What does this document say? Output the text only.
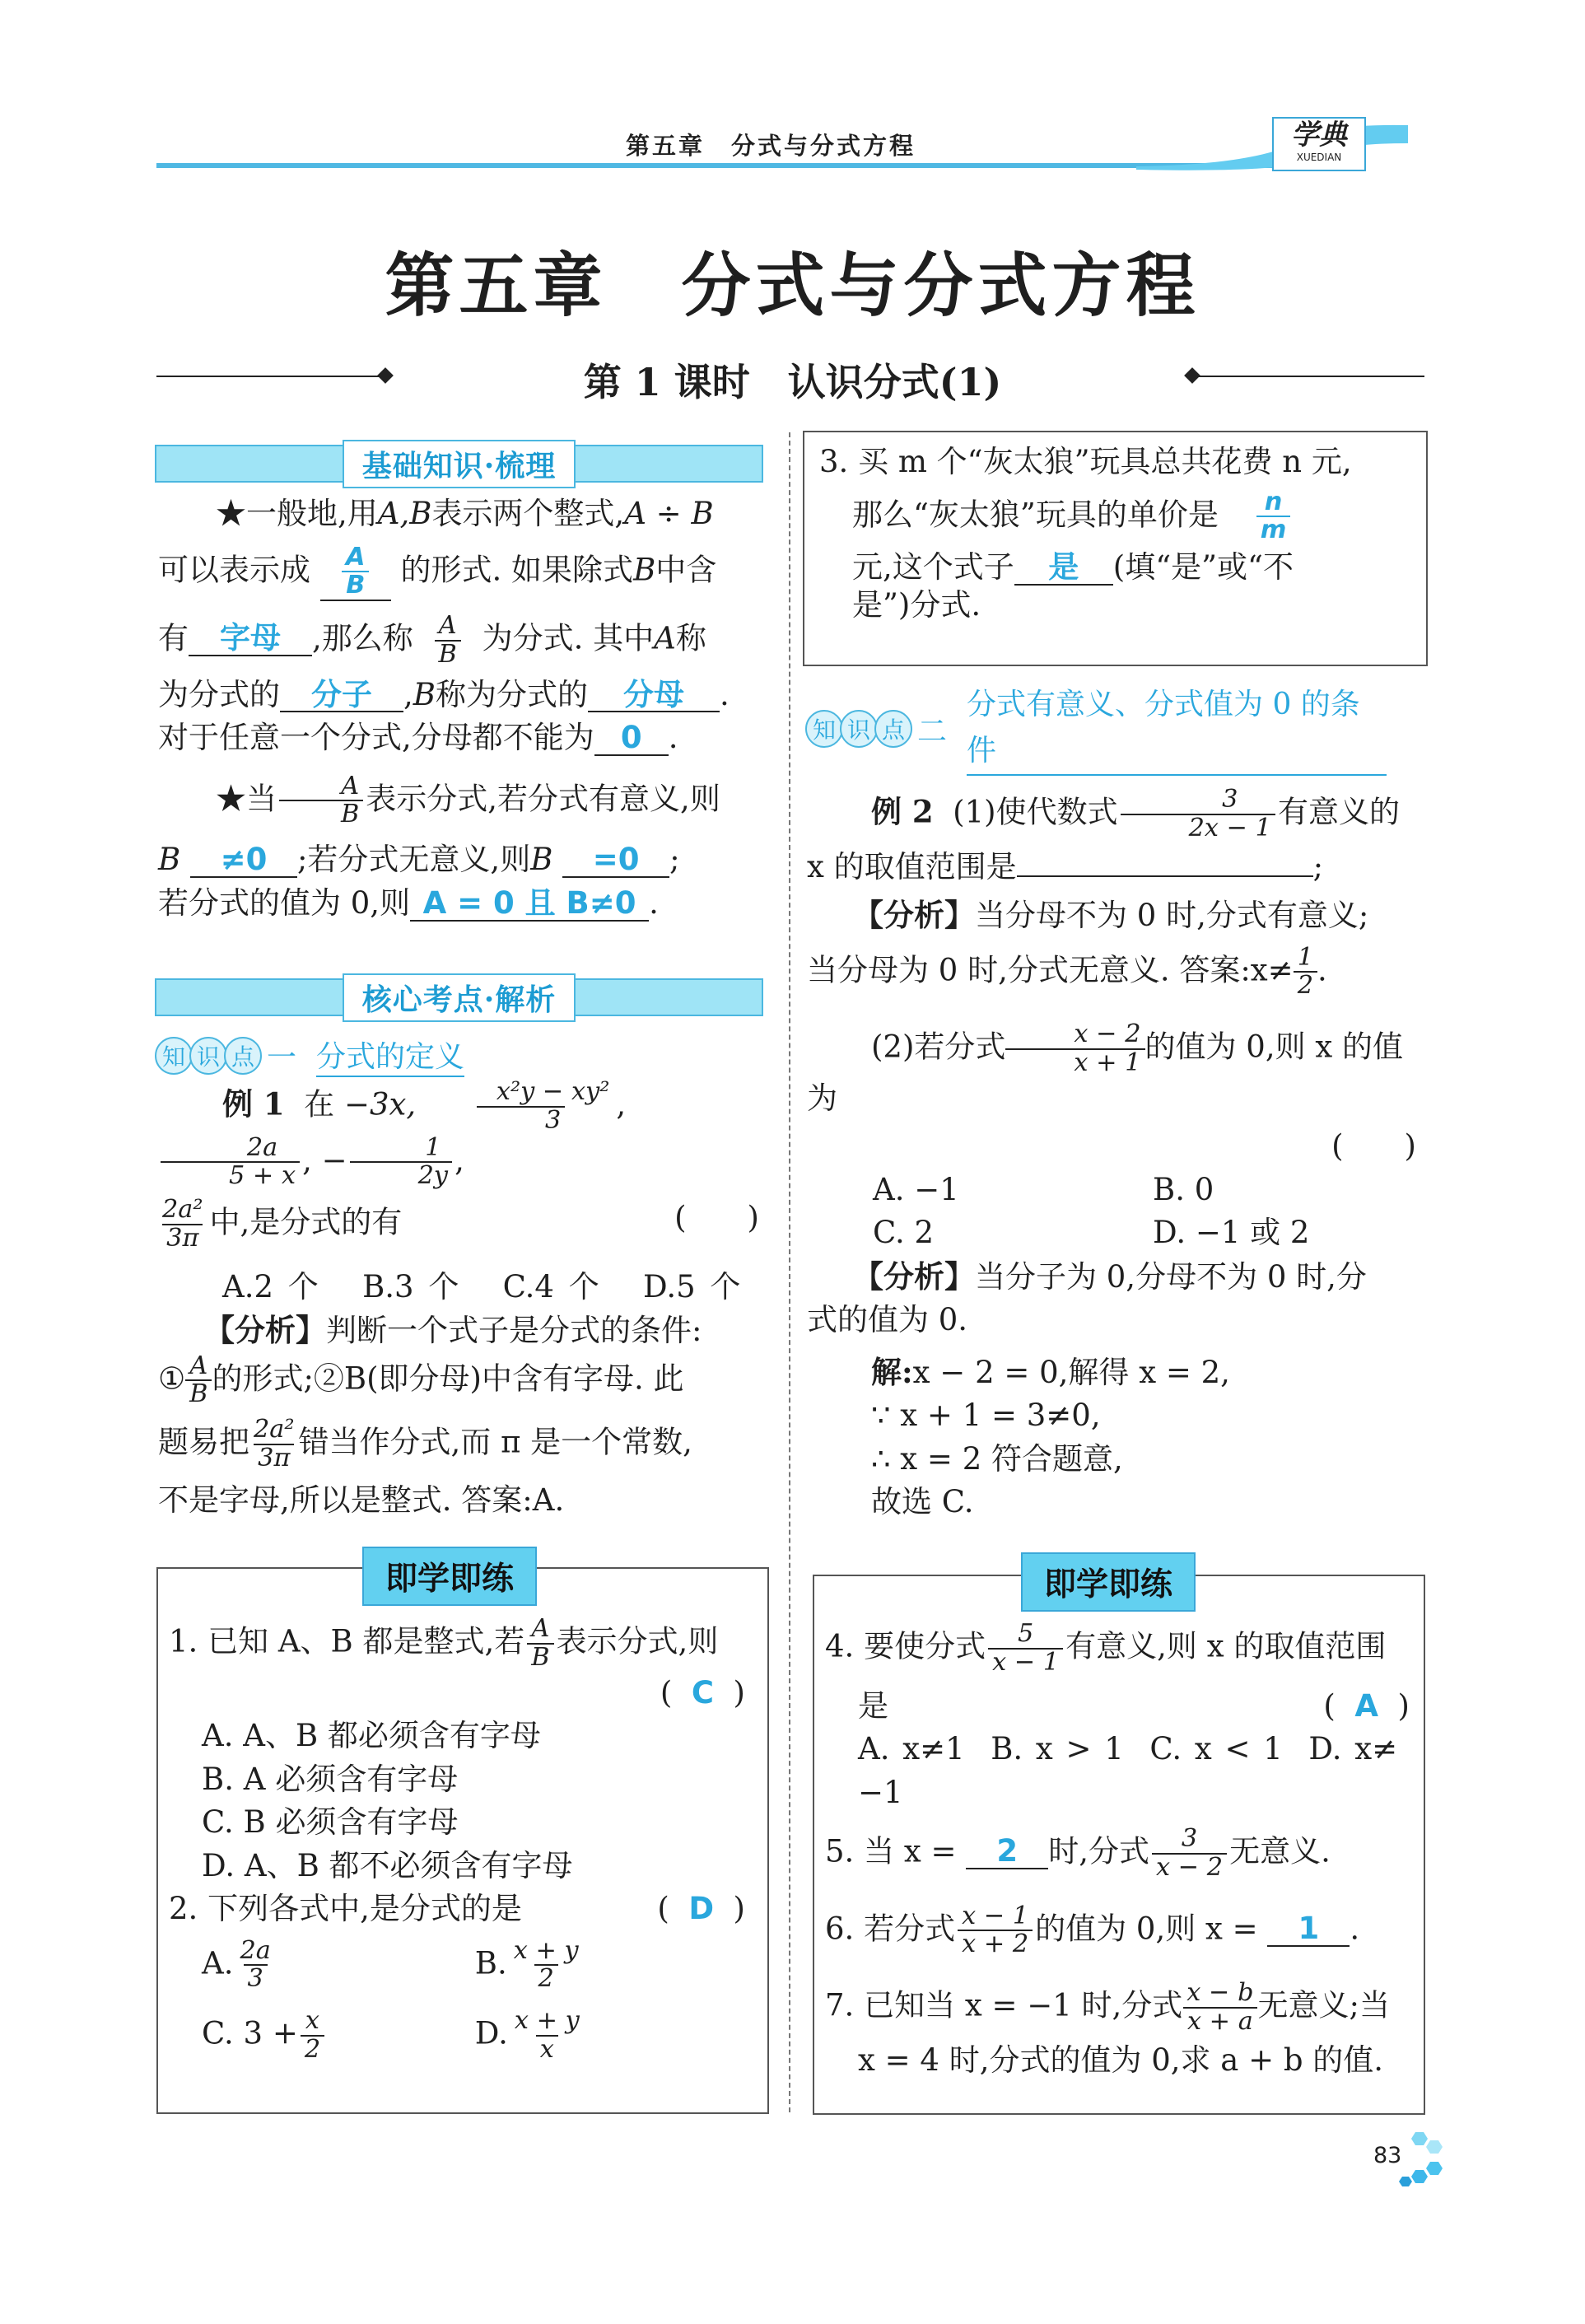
第五章　分式与分式方程	学典
XUEDIAN
第五章　分式与分式方程
第 1 课时　认识分式(1)
基础知识·梳理

★一般地,用A,B表示两个整式,A ÷ B

可以表示成 $\frac{A}{B}$ 的形式. 如果除式B中含

有 字母 ,那么称 $\frac{A}{B}$ 为分式. 其中A称

为分式的 分子 ,B称为分式的 分母 .

对于任意一个分式,分母都不能为 0 .

★当 $\frac{A}{B}$ 表示分式,若分式有意义,则

B ≠0 ;若分式无意义,则B =0 ;

若分式的值为 0,则 A = 0 且 B≠0 .

核心考点·解析
知 识 点 一 分式的定义

例 1 在 −3x, $\frac{\text{x²y − xy²}}{3}$ ,
$\frac{2a}{5 + x}$ , − $\frac{1}{2y}$ ,

$\frac{\text{2a²}}{3\pi}$ 中,是分式的有	(　　)

A.2 个 B.3 个 C.4 个 D.5 个

【分析】判断一个式子是分式的条件:

① $\frac{A}{B}$ 的形式;②B(即分母)中含有字母. 此

题易把 $\frac{\text{2a²}}{3\pi}$ 错当作分式,而 π 是一个常数,

不是字母,所以是整式. 答案:A.

即学即练

1. 已知 A、B 都是整式,若 $\frac{A}{B}$ 表示分式,则

(  C  )

A. A、B 都必须含有字母

B. A 必须含有字母

C. B 必须含有字母

D. A、B 都不必须含有字母

2. 下列各式中,是分式的是	(  D  )

A. $\frac{2a}{3}$	B. $\frac{x + y}{2}$

C. $3 + \frac{x}{2}$	D. $\frac{x + y}{x}$

3. 买 m 个“灰太狼”玩具总共花费 n 元,

那么“灰太狼”玩具的单价是 $\frac{n}{m}$

元,这个式子 是 (填“是”或“不

是”)分式.

知 识 点 二
分式有意义、分式值为 0 的条件

例 2 (1)使代数式 $\frac{3}{2x - 1}$ 有意义的

x 的取值范围是	;

【分析】当分母不为 0 时,分式有意义;

当分母为 0 时,分式无意义. 答案:x≠ $\frac{1}{2}$ .

(2)若分式 $\frac{x - 2}{x + 1}$ 的值为 0,则 x 的值为

(　　)

A. −1	B. 0

C. 2	D. −1 或 2

【分析】当分子为 0,分母不为 0 时,分

式的值为 0.

解:x − 2 = 0,解得 x = 2,

∵ x + 1 = 3≠0,

∴ x = 2 符合题意,

故选 C.

即学即练

4. 要使分式 $\frac{5}{x - 1}$ 有意义,则 x 的取值范围

是	(  A  )

A. x≠1 B. x > 1 C. x < 1 D. x≠ −1

5. 当 x = 2 时,分式 $\frac{3}{x - 2}$ 无意义.

6. 若分式 $\frac{x - 1}{x + 2}$ 的值为 0,则 x = 1 .

7. 已知当 x = −1 时,分式 $\frac{x - b}{x + a}$ 无意义;当

x = 4 时,分式的值为 0,求 a + b 的值.

83
